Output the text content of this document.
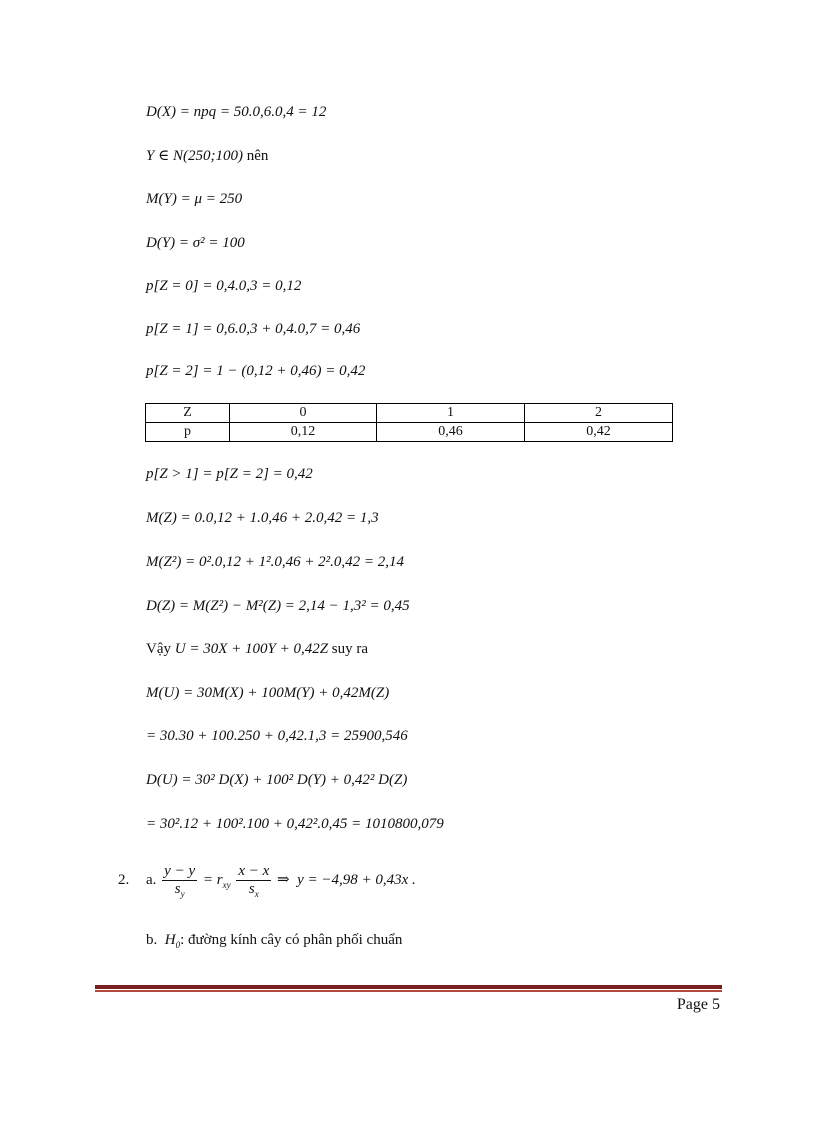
D(X) = npq = 50.0,6.0,4 = 12
Y ∈ N(250;100) nên
M(Y) = μ = 250
D(Y) = σ² = 100
p[Z = 0] = 0,4.0,3 = 0,12
p[Z = 1] = 0,6.0,3 + 0,4.0,7 = 0,46
p[Z = 2] = 1 − (0,12 + 0,46) = 0,42
Z	0	1	2
p	0,12	0,46	0,42
p[Z > 1] = p[Z = 2] = 0,42
M(Z) = 0.0,12 + 1.0,46 + 2.0,42 = 1,3
M(Z²) = 0².0,12 + 1².0,46 + 2².0,42 = 2,14
D(Z) = M(Z²) − M²(Z) = 2,14 − 1,3² = 0,45
Vậy U = 30X + 100Y + 0,42Z suy ra
M(U) = 30M(X) + 100M(Y) + 0,42M(Z)
= 30.30 + 100.250 + 0,42.1,3 = 25900,546
D(U) = 30² D(X) + 100² D(Y) + 0,42² D(Z)
= 30².12 + 100².100 + 0,42².0,45 = 1010800,079
2. a. $\frac{y - y}{s_y} = r_{xy} \frac{x - x}{s_x}$ ⇒ y = −4,98 + 0,43x .
b. $H_0$: đường kính cây có phân phối chuẩn
Page 5
